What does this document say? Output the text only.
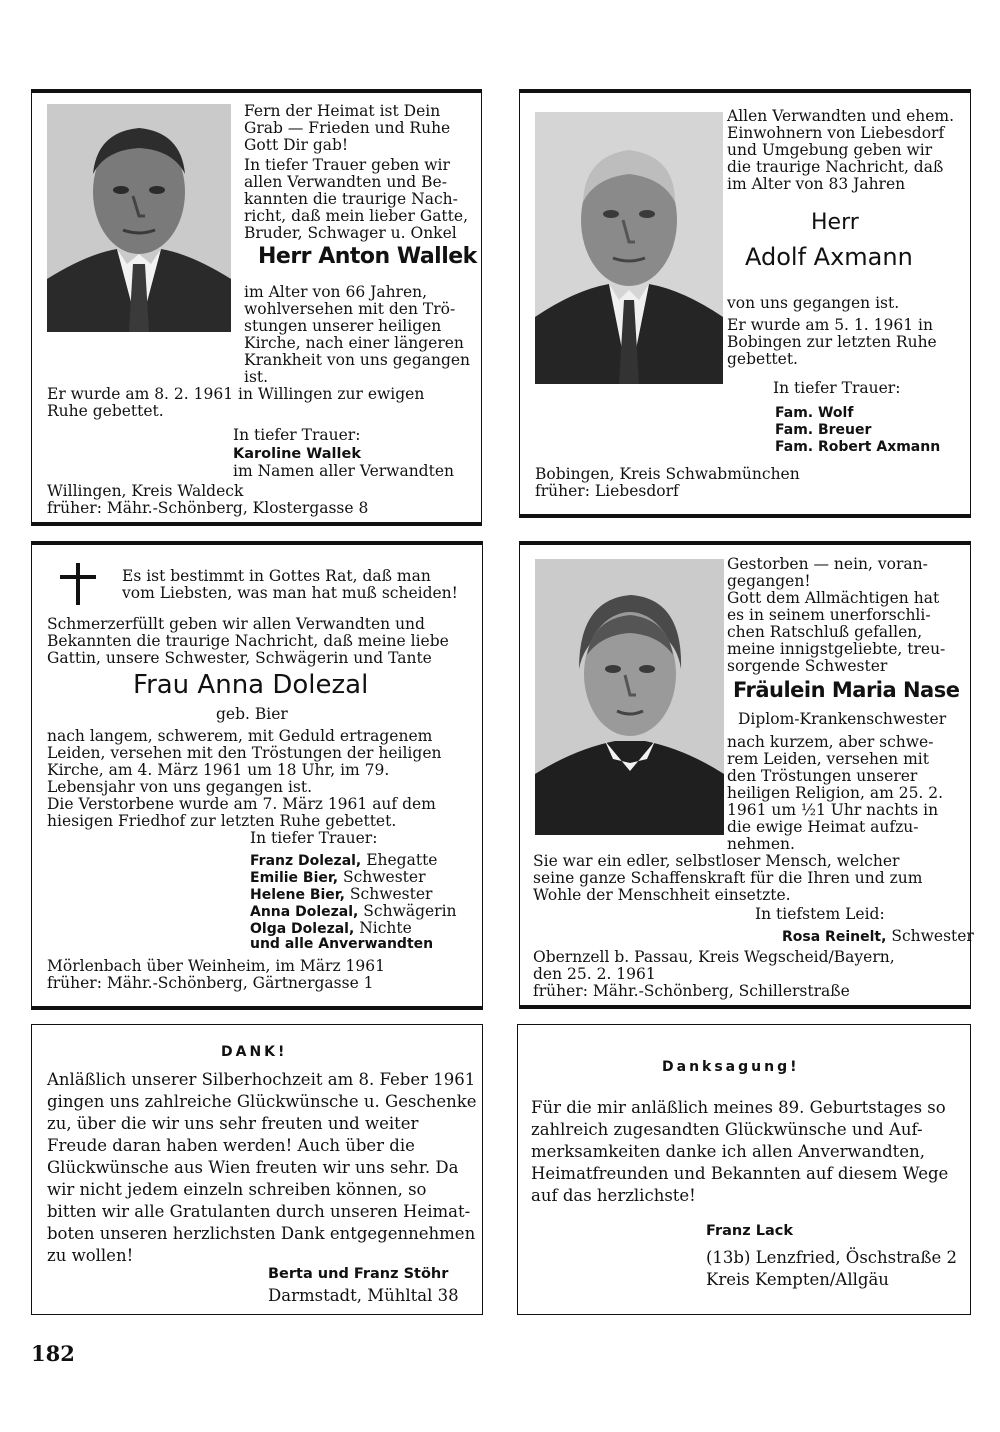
Fern der Heimat ist Dein
Grab — Frieden und Ruhe
Gott Dir gab!
In tiefer Trauer geben wir
allen Verwandten und Be-
kannten die traurige Nach-
richt, daß mein lieber Gatte,
Bruder, Schwager u. Onkel
Herr Anton Wallek
im Alter von 66 Jahren,
wohlversehen mit den Trö-
stungen unserer heiligen
Kirche, nach einer längeren
Krankheit von uns gegangen
ist.
Er wurde am 8. 2. 1961 in Willingen zur ewigen
Ruhe gebettet.
In tiefer Trauer:
Karoline Wallek
im Namen aller Verwandten
Willingen, Kreis Waldeck
früher: Mähr.-Schönberg, Klostergasse 8
Allen Verwandten und ehem.
Einwohnern von Liebesdorf
und Umgebung geben wir
die traurige Nachricht, daß
im Alter von 83 Jahren
Herr
Adolf Axmann
von uns gegangen ist.
Er wurde am 5. 1. 1961 in
Bobingen zur letzten Ruhe
gebettet.
In tiefer Trauer:
Fam. Wolf
Fam. Breuer
Fam. Robert Axmann
Bobingen, Kreis Schwabmünchen
früher: Liebesdorf
Es ist bestimmt in Gottes Rat, daß man
vom Liebsten, was man hat muß scheiden!
Schmerzerfüllt geben wir allen Verwandten und
Bekannten die traurige Nachricht, daß meine liebe
Gattin, unsere Schwester, Schwägerin und Tante
Frau Anna Dolezal
geb. Bier
nach langem, schwerem, mit Geduld ertragenem
Leiden, versehen mit den Tröstungen der heiligen
Kirche, am 4. März 1961 um 18 Uhr, im 79.
Lebensjahr von uns gegangen ist.
Die Verstorbene wurde am 7. März 1961 auf dem
hiesigen Friedhof zur letzten Ruhe gebettet.
In tiefer Trauer:
Franz Dolezal, Ehegatte
Emilie Bier, Schwester
Helene Bier, Schwester
Anna Dolezal, Schwägerin
Olga Dolezal, Nichte
und alle Anverwandten
Mörlenbach über Weinheim, im März 1961
früher: Mähr.-Schönberg, Gärtnergasse 1
Gestorben — nein, voran-
gegangen!
Gott dem Allmächtigen hat
es in seinem unerforschli-
chen Ratschluß gefallen,
meine innigstgeliebte, treu-
sorgende Schwester
Fräulein Maria Nase
Diplom-Krankenschwester
nach kurzem, aber schwe-
rem Leiden, versehen mit
den Tröstungen unserer
heiligen Religion, am 25. 2.
1961 um ½1 Uhr nachts in
die ewige Heimat aufzu-
nehmen.
Sie war ein edler, selbstloser Mensch, welcher
seine ganze Schaffenskraft für die Ihren und zum
Wohle der Menschheit einsetzte.
In tiefstem Leid:
Rosa Reinelt, Schwester
Obernzell b. Passau, Kreis Wegscheid/Bayern,
den 25. 2. 1961
früher: Mähr.-Schönberg, Schillerstraße
DANK!
Anläßlich unserer Silberhochzeit am 8. Feber 1961
gingen uns zahlreiche Glückwünsche u. Geschenke
zu, über die wir uns sehr freuten und weiter
Freude daran haben werden! Auch über die
Glückwünsche aus Wien freuten wir uns sehr. Da
wir nicht jedem einzeln schreiben können, so
bitten wir alle Gratulanten durch unseren Heimat-
boten unseren herzlichsten Dank entgegennehmen
zu wollen!
Berta und Franz Stöhr
Darmstadt, Mühltal 38
Danksagung!
Für die mir anläßlich meines 89. Geburtstages so
zahlreich zugesandten Glückwünsche und Auf-
merksamkeiten danke ich allen Anverwandten,
Heimatfreunden und Bekannten auf diesem Wege
auf das herzlichste!
Franz Lack
(13b) Lenzfried, Öschstraße 2
Kreis Kempten/Allgäu
182
